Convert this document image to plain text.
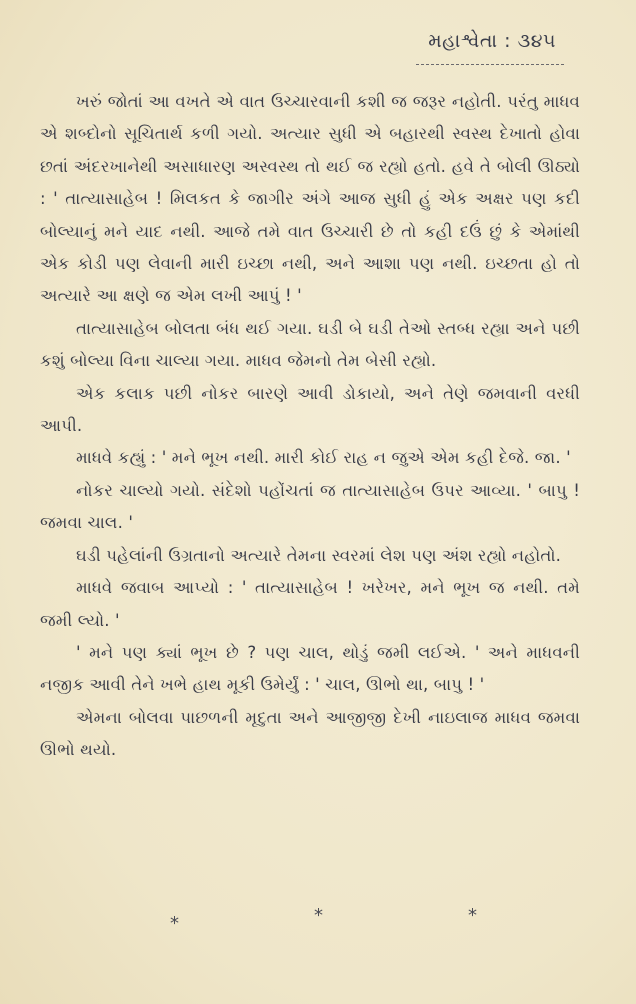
મહાશ્વેતા : ૩૪૫

ખરું જોતાં આ વખતે એ વાત ઉચ્ચારવાની કશી જ જરૂર નહોતી. પરંતુ માધવ એ શબ્દોનો સૂચિતાર્થ કળી ગયો. અત્યાર સુધી એ બહારથી સ્વસ્થ દેખાતો હોવા છતાં અંદરખાનેથી અસાધારણ અસ્વસ્થ તો થઈ જ રહ્યો હતો. હવે તે બોલી ઊઠ્યો : ' તાત્યાસાહેબ ! મિલકત કે જાગીર અંગે આજ સુધી હું એક અક્ષર પણ કદી બોલ્યાનું મને યાદ નથી. આજે તમે વાત ઉચ્ચારી છે તો કહી દઉં છું કે એમાંથી એક કોડી પણ લેવાની મારી ઇચ્છા નથી, અને આશા પણ નથી. ઇચ્છતા હો તો અત્યારે આ ક્ષણે જ એમ લખી આપું ! '

તાત્યાસાહેબ બોલતા બંધ થઈ ગયા. ઘડી બે ઘડી તેઓ સ્તબ્ધ રહ્યા અને પછી કશું બોલ્યા વિના ચાલ્યા ગયા. માધવ જેમનો તેમ બેસી રહ્યો.

એક કલાક પછી નોકર બારણે આવી ડોકાયો, અને તેણે જમવાની વરધી આપી.

માધવે કહ્યું : ' મને ભૂખ નથી. મારી કોઈ રાહ ન જુએ એમ કહી દેજે. જા. '

નોકર ચાલ્યો ગયો. સંદેશો પહોંચતાં જ તાત્યાસાહેબ ઉપર આવ્યા. ' બાપુ ! જમવા ચાલ. '

ઘડી પહેલાંની ઉગ્રતાનો અત્યારે તેમના સ્વરમાં લેશ પણ અંશ રહ્યો નહોતો.

માધવે જવાબ આપ્યો : ' તાત્યાસાહેબ ! ખરેખર, મને ભૂખ જ નથી. તમે જમી લ્યો. '

' મને પણ ક્યાં ભૂખ છે ? પણ ચાલ, થોડું જમી લઈએ. ' અને માધવની નજીક આવી તેને ખભે હાથ મૂકી ઉમેર્યું : ' ચાલ, ઊભો થા, બાપુ ! '

એમના બોલવા પાછળની મૃદુતા અને આજીજી દેખી નાઇલાજ માધવ જમવા ઊભો થયો.

*	*	*
